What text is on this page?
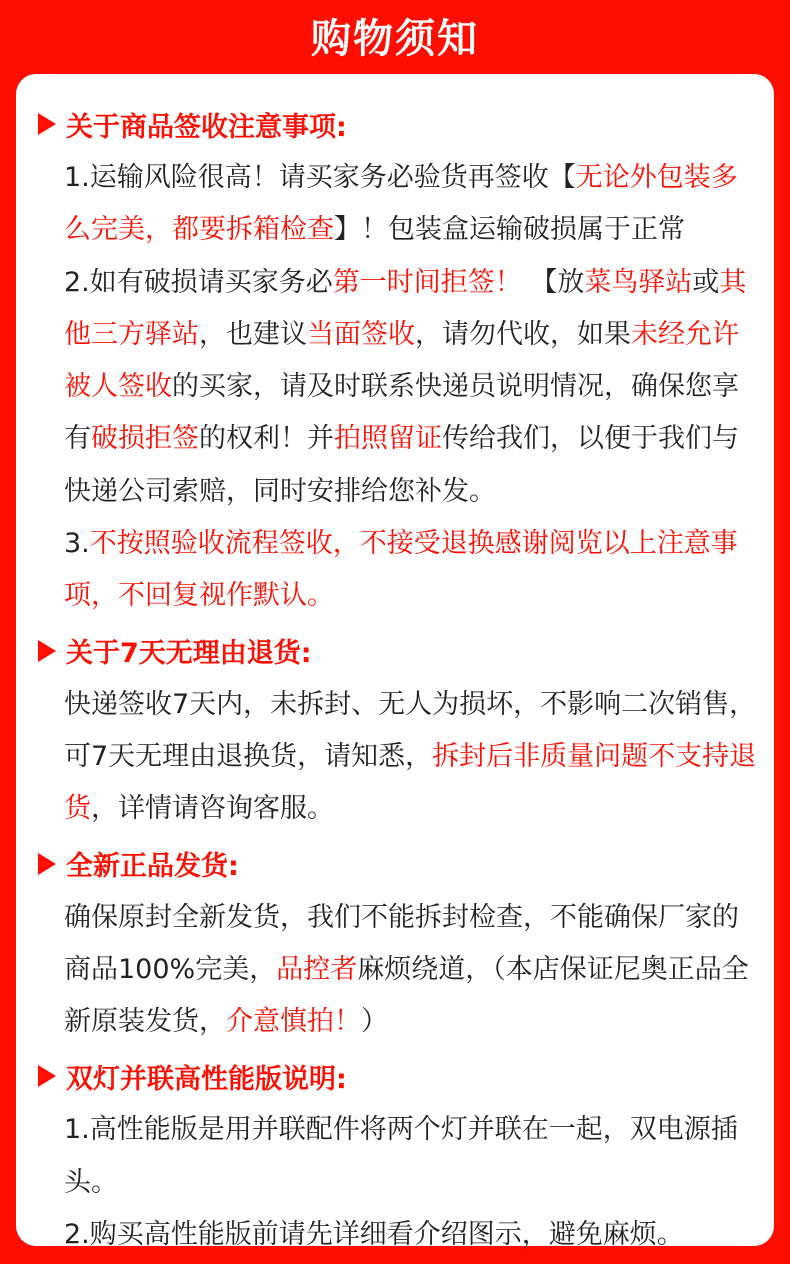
购物须知
关于商品签收注意事项:
1.运输风险很高！请买家务必验货再签收【无论外包装多么完美，都要拆箱检查】！包装盒运输破损属于正常
2.如有破损请买家务必第一时间拒签！ 【放菜鸟驿站或其他三方驿站，也建议当面签收，请勿代收，如果未经允许被人签收的买家，请及时联系快递员说明情况，确保您享有破损拒签的权利！并拍照留证传给我们，以便于我们与快递公司索赔，同时安排给您补发。
3.不按照验收流程签收，不接受退换感谢阅览以上注意事项，不回复视作默认。
关于7天无理由退货:
快递签收7天内，未拆封、无人为损坏，不影响二次销售，可7天无理由退换货，请知悉，拆封后非质量问题不支持退货，详情请咨询客服。
全新正品发货:
确保原封全新发货，我们不能拆封检查，不能确保厂家的商品100%完美，品控者麻烦绕道，（本店保证尼奥正品全新原装发货，介意慎拍！）
双灯并联高性能版说明:
1.高性能版是用并联配件将两个灯并联在一起，双电源插头。
2.购买高性能版前请先详细看介绍图示，避免麻烦。
